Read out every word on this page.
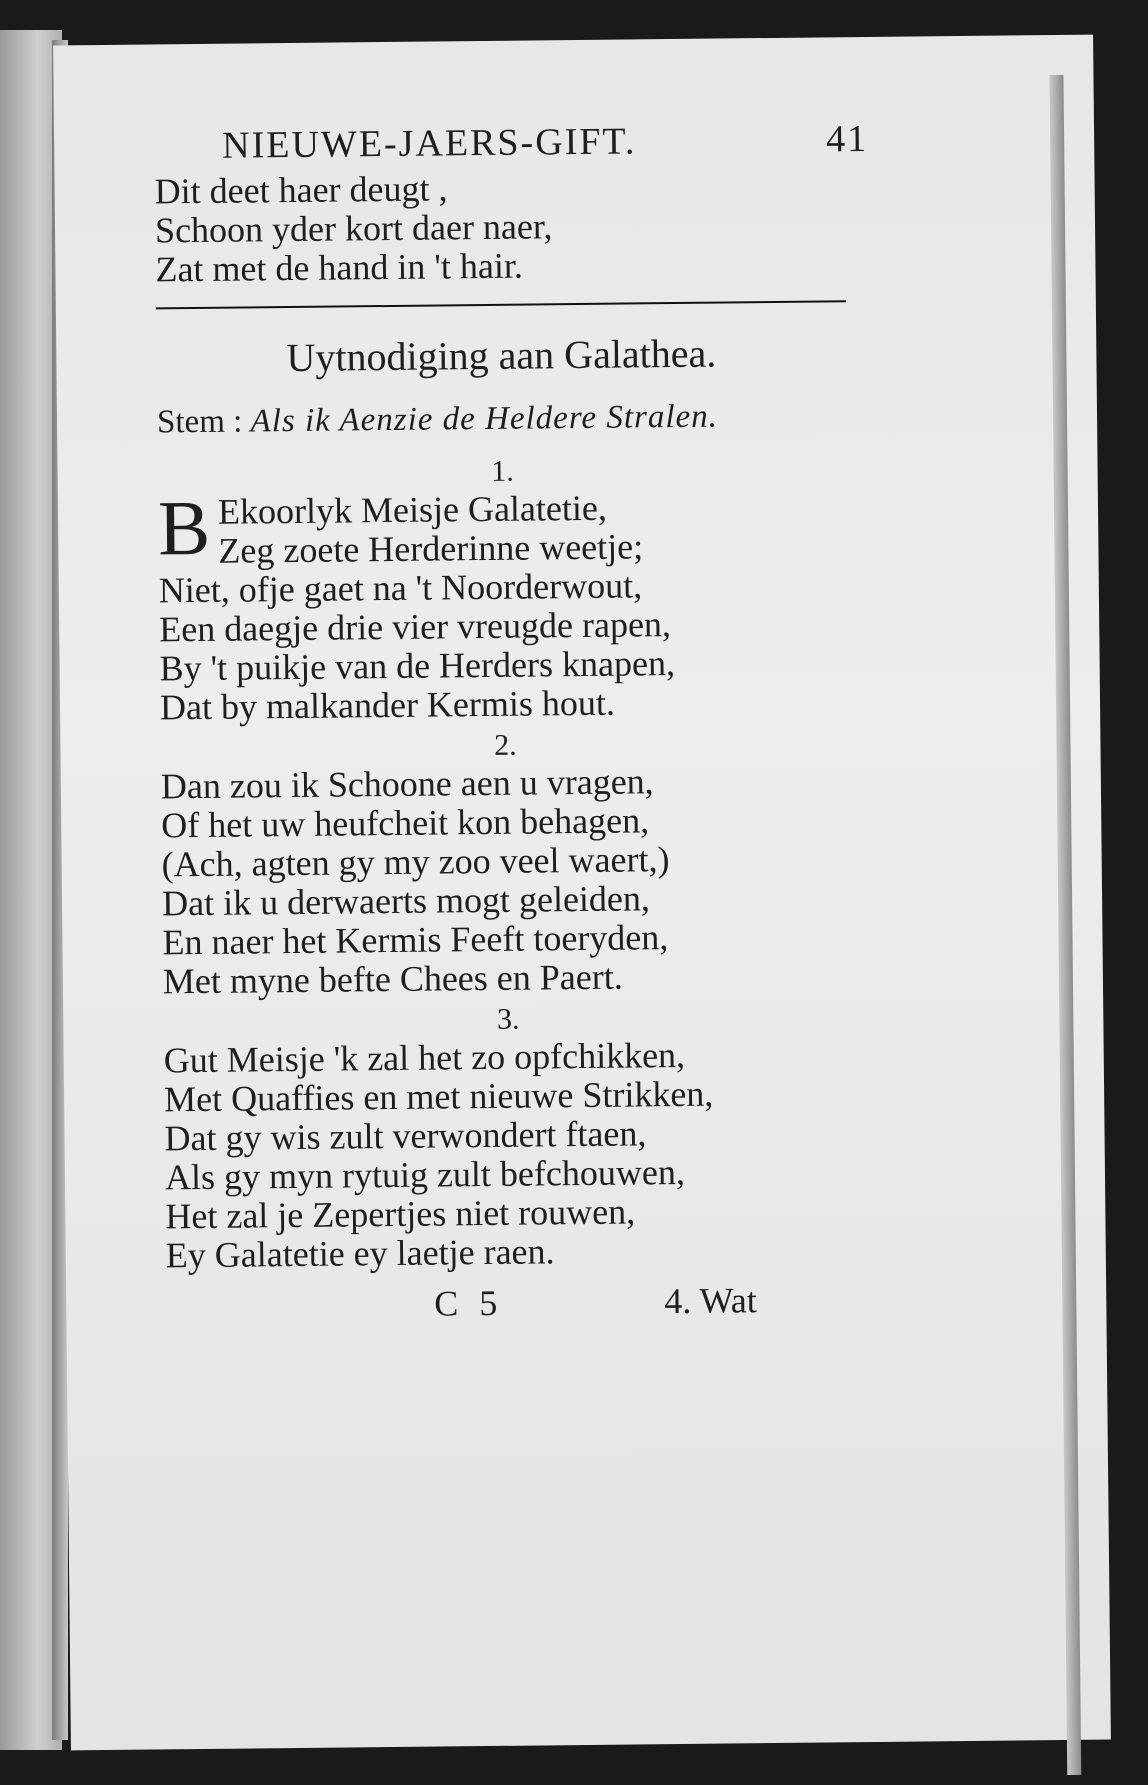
NIEUWE-JAERS-GIFT.	41
Dit deet haer deugt ,
Schoon yder kort daer naer,
Zat met de hand in 't hair.
Uytnodiging aan Galathea.
Stem : Als ik Aenzie de Heldere Stralen.
1.
B Ekoorlyk Meisje Galatetie,
Zeg zoete Herderinne weetje;
Niet, ofje gaet na 't Noorderwout,
Een daegje drie vier vreugde rapen,
By 't puikje van de Herders knapen,
Dat by malkander Kermis hout.
2.
Dan zou ik Schoone aen u vragen,
Of het uw heufcheit kon behagen,
(Ach, agten gy my zoo veel waert,)
Dat ik u derwaerts mogt geleiden,
En naer het Kermis Feeft toeryden,
Met myne befte Chees en Paert.
3.
Gut Meisje 'k zal het zo opfchikken,
Met Quaffies en met nieuwe Strikken,
Dat gy wis zult verwondert ftaen,
Als gy myn rytuig zult befchouwen,
Het zal je Zepertjes niet rouwen,
Ey Galatetie ey laetje raen.
C 5	4. Wat
